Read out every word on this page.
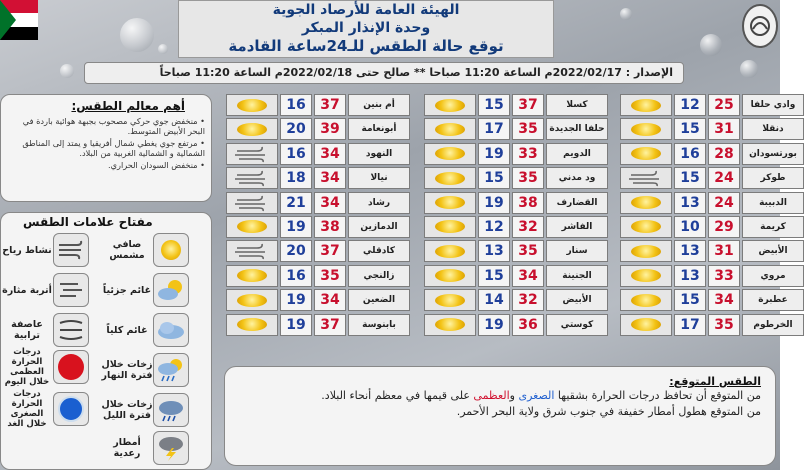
الهيئة العامة للأرصاد الجوية
وحدة الإنذار المبكر
توقع حالة الطقس للـ24ساعة القادمة
الإصدار : 2022/02/17م الساعة 11:20 صباحا ** صالح حتى 2022/02/18م الساعة 11:20 صباحاً
وادي حلفا
25
12
دنقلا
31
15
بورتسودان
28
16
طوكر
24
15
الدبيبة
24
13
كريمة
29
10
الأبيض
31
13
مروي
33
13
عطبرة
34
15
الخرطوم
35
17
كسلا
37
15
حلفا الجديدة
35
17
الدويم
33
19
ود مدني
35
15
القضارف
38
19
الفاشر
32
12
سنار
35
13
الجنينة
34
15
الأبيض
32
14
كوستي
36
19
أم بنين
37
16
أبونعامة
39
20
النهود
34
16
نيالا
34
18
رشاد
34
21
الدمازين
38
19
كادقلي
37
20
زالنجي
35
16
الضعين
34
19
بابنوسة
37
19
أهم معالم الطقس:
• منخفض جوي حركي مصحوب بجبهة هوائية باردة في البحر الأبيض المتوسط.
• مرتفع جوي يغطي شمال أفريقيا و يمتد إلى المناطق الشمالية و الشمالية الغربية من البلاد.
• منخفض السودان الحراري.
مفتاح علامات الطقس
صافي مشمس
نشاط رياح
غائم جزئياً
أتربة مثارة
غائم كلياً
عاصفة ترابية
زخات خلال فترة النهار
درجات الحرارة العظمى خلال اليوم
زخات خلال فترة الليل
درجات الحرارة الصغرى خلال الغد
أمطار رعدية
الطقس المتوقع:

من المتوقع أن تحافظ درجات الحرارة بشقيها الصغرى والعظمى على قيمها في معظم أنحاء البلاد.

من المتوقع هطول أمطار خفيفة في جنوب شرق ولاية البحر الأحمر.
